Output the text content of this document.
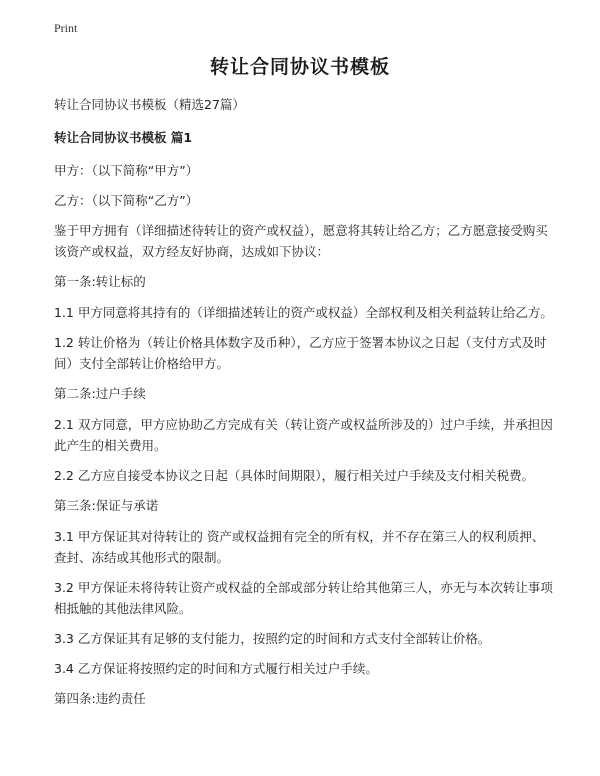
Print
转让合同协议书模板

转让合同协议书模板（精选27篇）

转让合同协议书模板 篇1

甲方：（以下简称“甲方”）

乙方：（以下简称“乙方”）

鉴于甲方拥有（详细描述待转让的资产或权益），愿意将其转让给乙方；乙方愿意接受购买该资产或权益，双方经友好协商，达成如下协议：

第一条:转让标的

1.1 甲方同意将其持有的（详细描述转让的资产或权益）全部权利及相关利益转让给乙方。

1.2 转让价格为（转让价格具体数字及币种），乙方应于签署本协议之日起（支付方式及时间）支付全部转让价格给甲方。

第二条:过户手续

2.1 双方同意，甲方应协助乙方完成有关（转让资产或权益所涉及的）过户手续，并承担因此产生的相关费用。

2.2 乙方应自接受本协议之日起（具体时间期限），履行相关过户手续及支付相关税费。

第三条:保证与承诺

3.1 甲方保证其对待转让的 资产或权益拥有完全的所有权，并不存在第三人的权利质押、查封、冻结或其他形式的限制。

3.2 甲方保证未将待转让资产或权益的全部或部分转让给其他第三人，亦无与本次转让事项相抵触的其他法律风险。

3.3 乙方保证其有足够的支付能力，按照约定的时间和方式支付全部转让价格。

3.4 乙方保证将按照约定的时间和方式履行相关过户手续。

第四条:违约责任
